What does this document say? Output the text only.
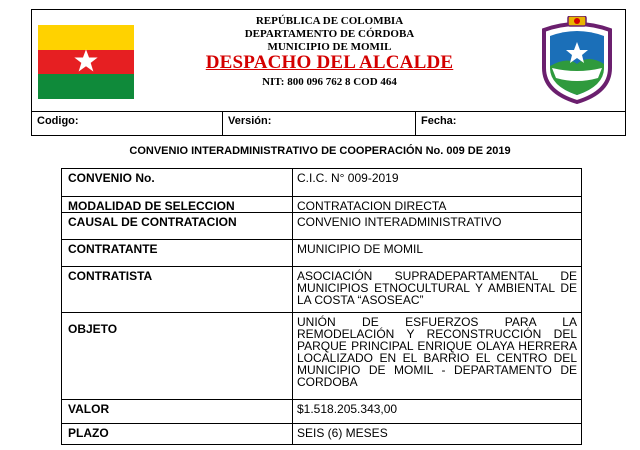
REPÚBLICA DE COLOMBIA
DEPARTAMENTO DE CÓRDOBA
MUNICIPIO DE MOMIL
DESPACHO DEL ALCALDE
NIT: 800 096 762 8 COD 464
Codigo:	Versión:	Fecha:
CONVENIO INTERADMINISTRATIVO DE COOPERACIÓN No. 009 DE 2019
CONVENIO No.	C.I.C. N° 009-2019
MODALIDAD DE SELECCION	CONTRATACION DIRECTA
CAUSAL DE CONTRATACION	CONVENIO INTERADMINISTRATIVO
CONTRATANTE	MUNICIPIO DE MOMIL
CONTRATISTA	ASOCIACIÓN SUPRADEPARTAMENTAL DE MUNICIPIOS ETNOCULTURAL Y AMBIENTAL DE LA COSTA “ASOSEAC”
OBJETO	UNIÓN DE ESFUERZOS PARA LA REMODELACIÓN Y RECONSTRUCCIÓN DEL PARQUE PRINCIPAL ENRIQUE OLAYA HERRERA LOCALIZADO EN EL BARRIO EL CENTRO DEL MUNICIPIO DE MOMIL - DEPARTAMENTO DE CORDOBA
VALOR	$1.518.205.343,00
PLAZO	SEIS (6) MESES
